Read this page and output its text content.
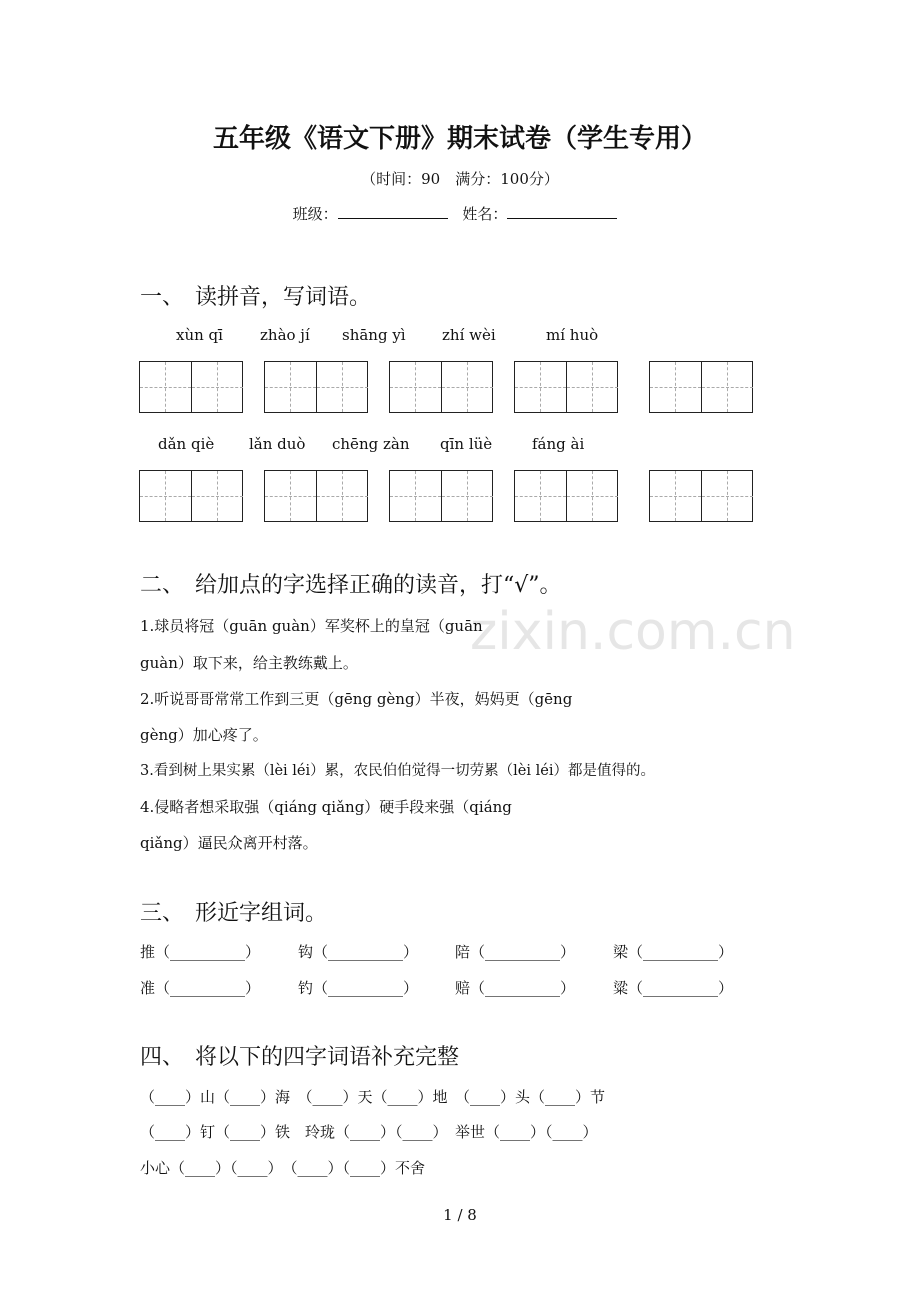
五年级《语文下册》期末试卷（学生专用）
（时间：90　满分：100分）
班级：	姓名：
一、　读拼音，写词语。
xùn qī zhào jí shāng yì zhí wèi	mí huò
dǎn qiè lǎn duò chēng zàn qīn lüè	fáng ài
zixin.com.cn
二、　给加点的字选择正确的读音，打“√”。
1.球员将冠（guān guàn）军奖杯上的皇冠（guān
guàn）取下来，给主教练戴上。
2.听说哥哥常常工作到三更（gēng gèng）半夜，妈妈更（gēng
gèng）加心疼了。
3.看到树上果实累（lèi léi）累，农民伯伯觉得一切劳累（lèi léi）都是值得的。
4.侵略者想采取强（qiáng qiǎng）硬手段来强（qiáng
qiǎng）逼民众离开村落。
三、　形近字组词。
推（__________）	钩（__________） 陪（__________）	梁（__________）
准（__________）	钓（__________） 赔（__________）	粱（__________）
四、　将以下的四字词语补充完整
（____）山（____）海　（____）天（____）地　（____）头（____）节
（____）钉（____）铁　玲珑（____）（____）　举世（____）（____）
小心（____）（____）　（____）（____）不舍
1 / 8
